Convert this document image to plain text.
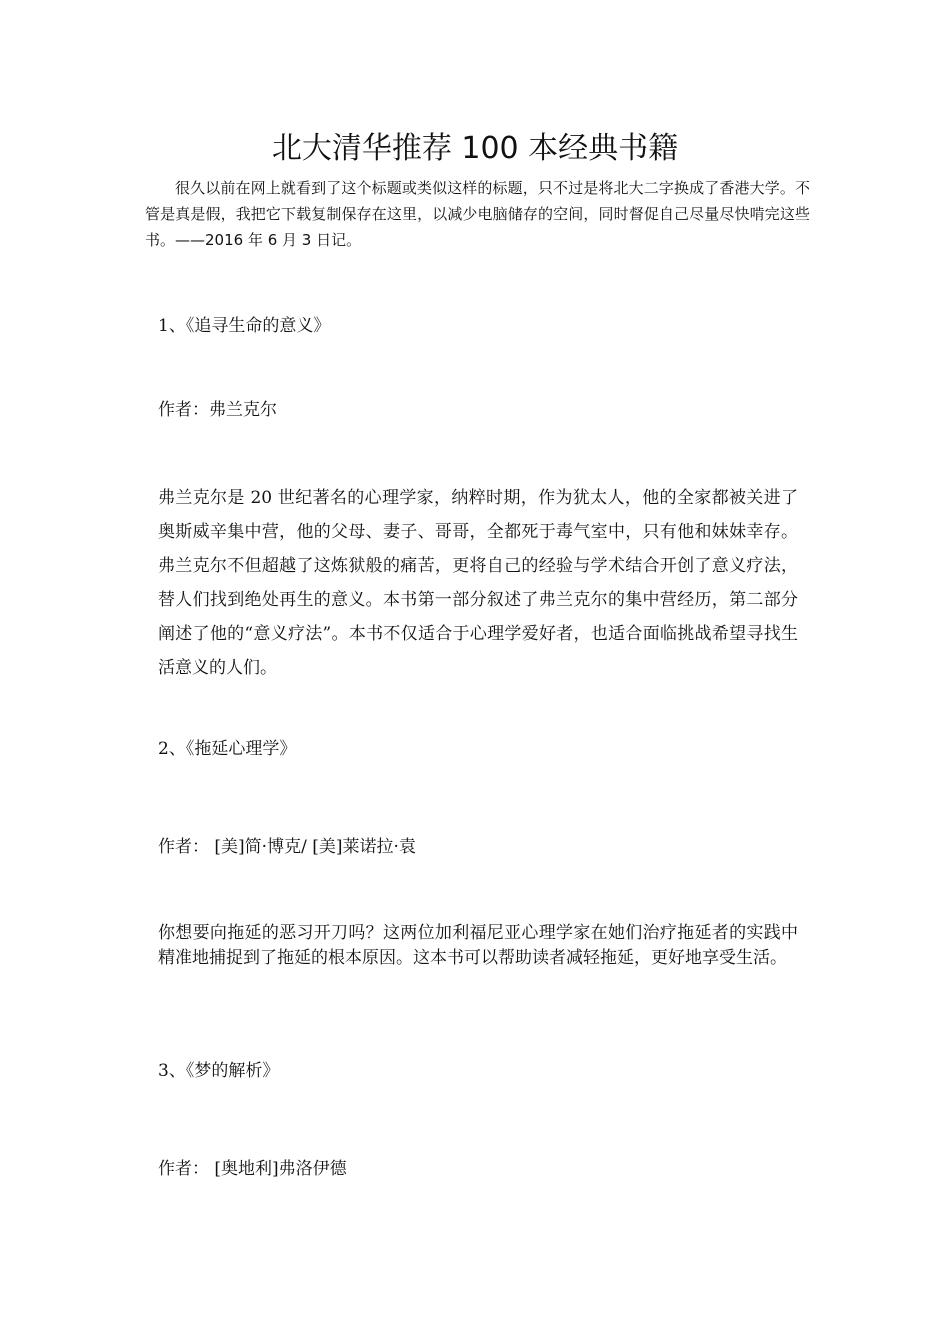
北大清华推荐 100 本经典书籍

很久以前在网上就看到了这个标题或类似这样的标题，只不过是将北大二字换成了香港大学。不管是真是假，我把它下载复制保存在这里，以减少电脑储存的空间，同时督促自己尽量尽快啃完这些书。——2016 年 6 月 3 日记。

1、《追寻生命的意义》

作者：弗兰克尔

弗兰克尔是 20 世纪著名的心理学家，纳粹时期，作为犹太人，他的全家都被关进了奥斯威辛集中营，他的父母、妻子、哥哥，全都死于毒气室中，只有他和妹妹幸存。弗兰克尔不但超越了这炼狱般的痛苦，更将自己的经验与学术结合开创了意义疗法，替人们找到绝处再生的意义。本书第一部分叙述了弗兰克尔的集中营经历，第二部分阐述了他的“意义疗法”。本书不仅适合于心理学爱好者，也适合面临挑战希望寻找生活意义的人们。

2、《拖延心理学》

作者： [美]简·博克/ [美]莱诺拉·袁

你想要向拖延的恶习开刀吗？这两位加利福尼亚心理学家在她们治疗拖延者的实践中精准地捕捉到了拖延的根本原因。这本书可以帮助读者减轻拖延，更好地享受生活。

3、《梦的解析》

作者： [奥地利]弗洛伊德
